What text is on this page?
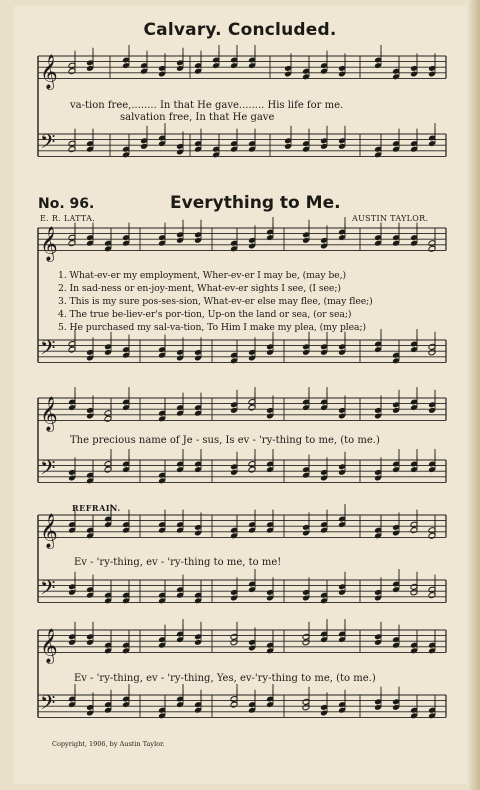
Calvary. Concluded.
𝄞
𝄢
𝄞
𝄢
𝄞
𝄢
𝄞
𝄢
𝄞
𝄢
va-tion free,........ In that He gave........ His life for me.
salvation free, In that He gave
No. 96.	Everything to Me.
E. R. LATTA.	AUSTIN TAYLOR.
1. What-ev-er my employment, Wher-ev-er I may be, (may be,)
2. In sad-ness or en-joy-ment, What-ev-er sights I see, (I see;)
3. This is my sure pos-ses-sion, What-ev-er else may flee, (may flee;)
4. The true be-liev-er's por-tion, Up-on the land or sea, (or sea;)
5. He purchased my sal-va-tion, To Him I make my plea, (my plea;)
The precious name of Je - sus, Is ev - 'ry-thing to me, (to me.)
REFRAIN.
Ev - 'ry-thing, ev - 'ry-thing to me, to me!
Ev - 'ry-thing, ev - 'ry-thing, Yes, ev-'ry-thing to me, (to me.)
Copyright, 1906, by Austin Taylor.
